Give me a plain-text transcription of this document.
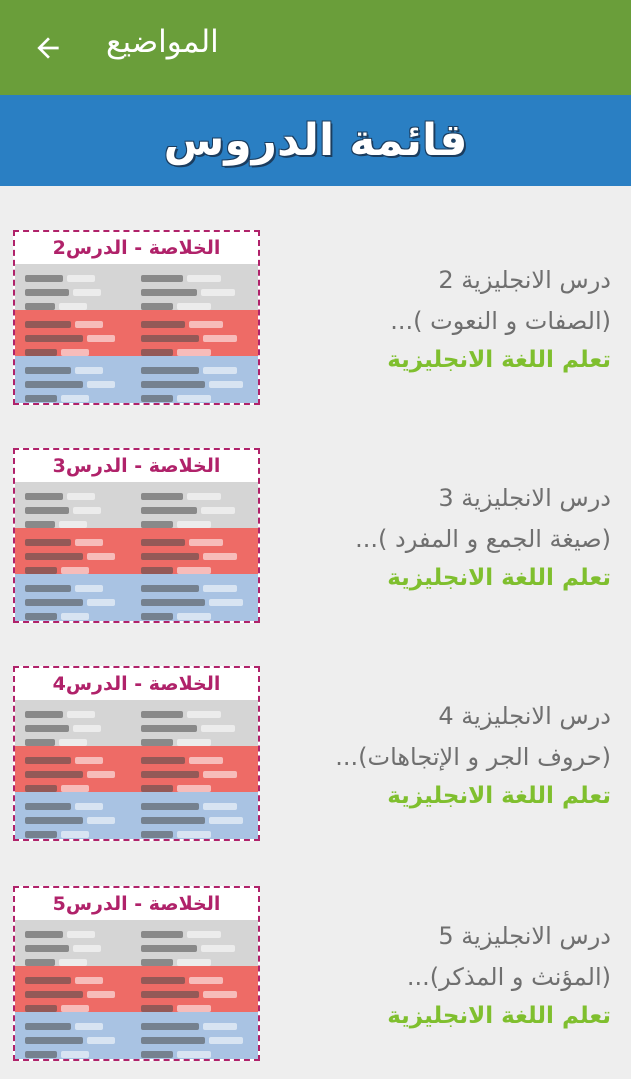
المواضيع
قائمة الدروس
الخلاصة - الدرس2
درس الانجليزية 2
(الصفات و النعوت )...
تعلم اللغة الانجليزية
الخلاصة - الدرس3
درس الانجليزية 3
(صيغة الجمع و المفرد )...
تعلم اللغة الانجليزية
الخلاصة - الدرس4
درس الانجليزية 4
(حروف الجر و الإتجاهات)...
تعلم اللغة الانجليزية
الخلاصة - الدرس5
درس الانجليزية 5
(المؤنث و المذكر)...
تعلم اللغة الانجليزية
